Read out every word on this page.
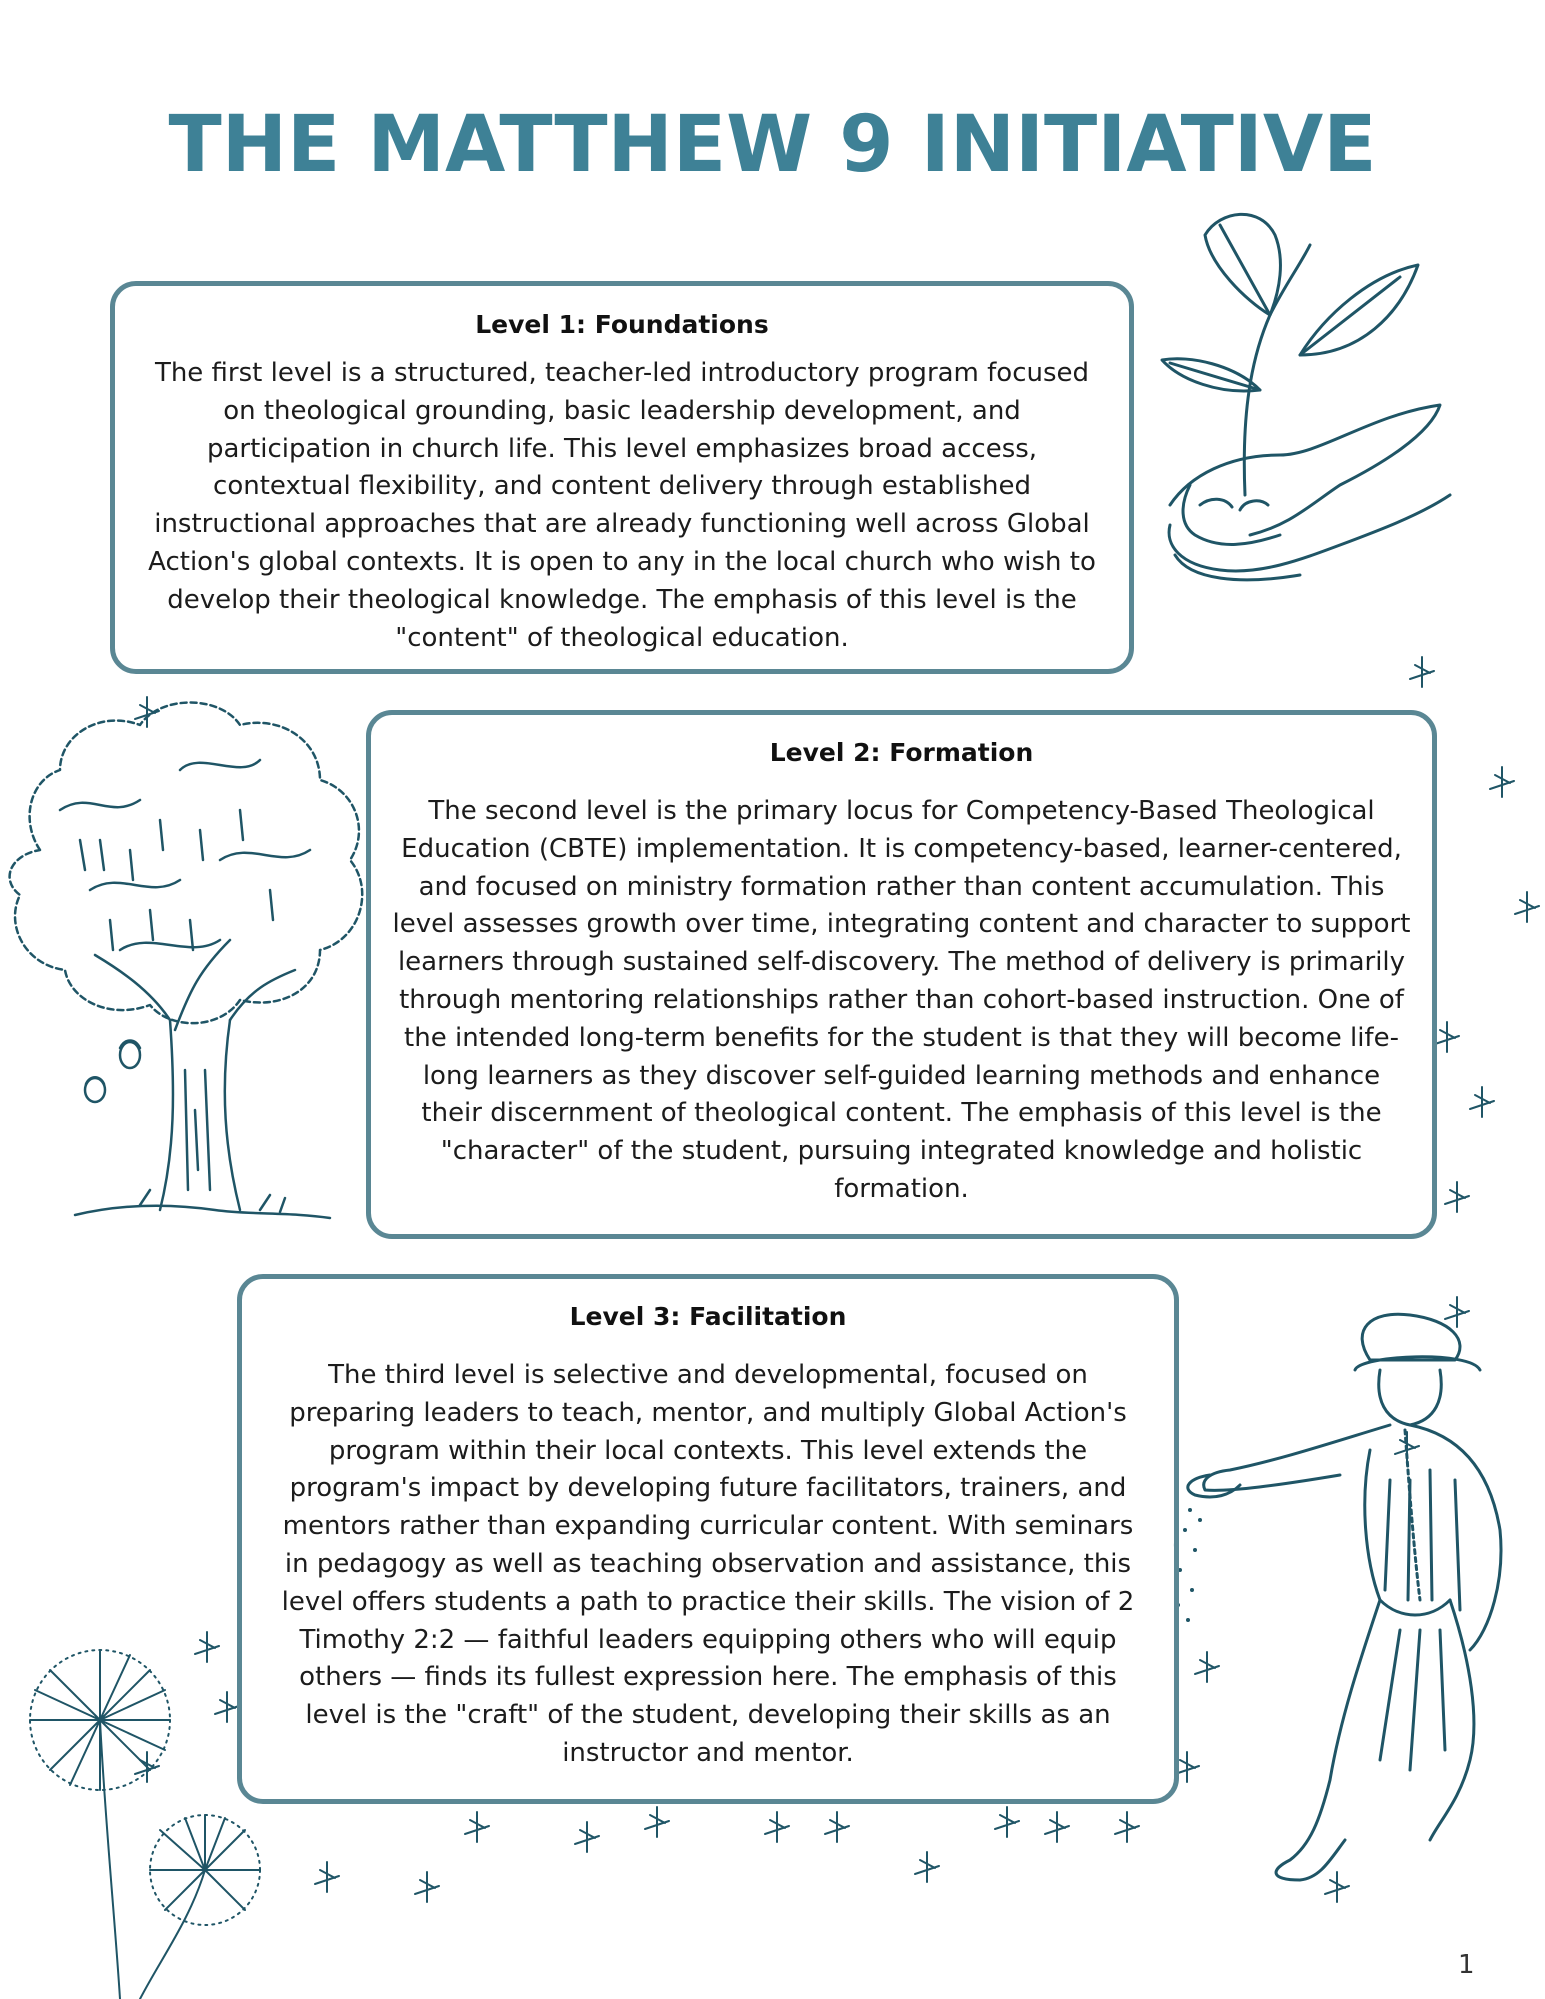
THE MATTHEW 9 INITIATIVE
Level 1: Foundations

The first level is a structured, teacher-led introductory program focused on theological grounding, basic leadership development, and participation in church life. This level emphasizes broad access, contextual flexibility, and content delivery through established instructional approaches that are already functioning well across Global Action's global contexts. It is open to any in the local church who wish to develop their theological knowledge. The emphasis of this level is the "content" of theological education.

Level 2: Formation

The second level is the primary locus for Competency-Based Theological Education (CBTE) implementation. It is competency-based, learner-centered, and focused on ministry formation rather than content accumulation. This level assesses growth over time, integrating content and character to support learners through sustained self-discovery. The method of delivery is primarily through mentoring relationships rather than cohort-based instruction. One of the intended long-term benefits for the student is that they will become life-long learners as they discover self-guided learning methods and enhance their discernment of theological content. The emphasis of this level is the "character" of the student, pursuing integrated knowledge and holistic formation.

Level 3: Facilitation

The third level is selective and developmental, focused on preparing leaders to teach, mentor, and multiply Global Action's program within their local contexts. This level extends the program's impact by developing future facilitators, trainers, and mentors rather than expanding curricular content. With seminars in pedagogy as well as teaching observation and assistance, this level offers students a path to practice their skills. The vision of 2 Timothy 2:2 — faithful leaders equipping others who will equip others — finds its fullest expression here. The emphasis of this level is the "craft" of the student, developing their skills as an instructor and mentor.

1
